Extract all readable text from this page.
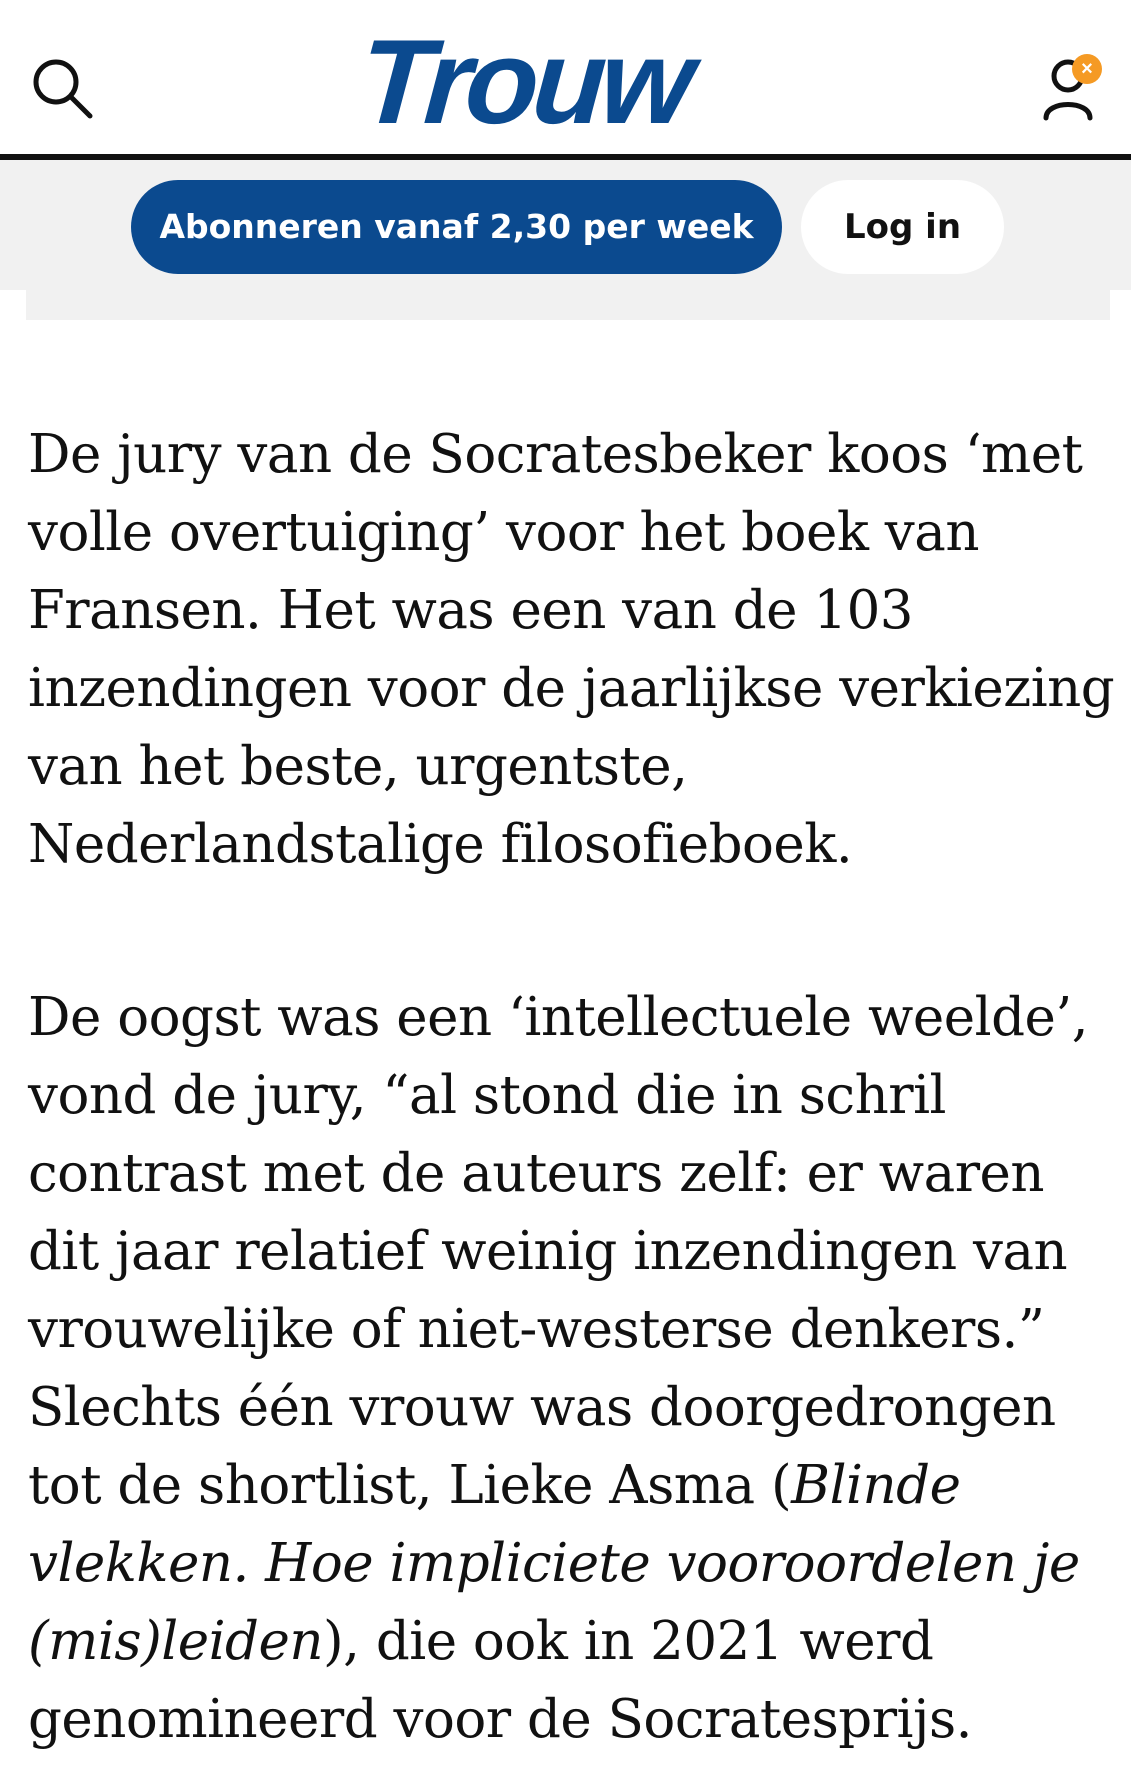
Trouw	×
Abonneren vanaf 2,30 per week	Log in

De jury van de Socratesbeker koos ‘met volle overtuiging’ voor het boek van Fransen. Het was een van de 103 inzendingen voor de jaarlijkse verkiezing van het beste, urgentste, Nederlandstalige filosofieboek.

De oogst was een ‘intellectuele weelde’, vond de jury, “al stond die in schril contrast met de auteurs zelf: er waren dit jaar relatief weinig inzendingen van vrouwelijke of niet-westerse denkers.” Slechts één vrouw was doorgedrongen tot de shortlist, Lieke Asma (Blinde vlekken. Hoe impliciete vooroordelen je (mis)leiden), die ook in 2021 werd genomineerd voor de Socratesprijs.
